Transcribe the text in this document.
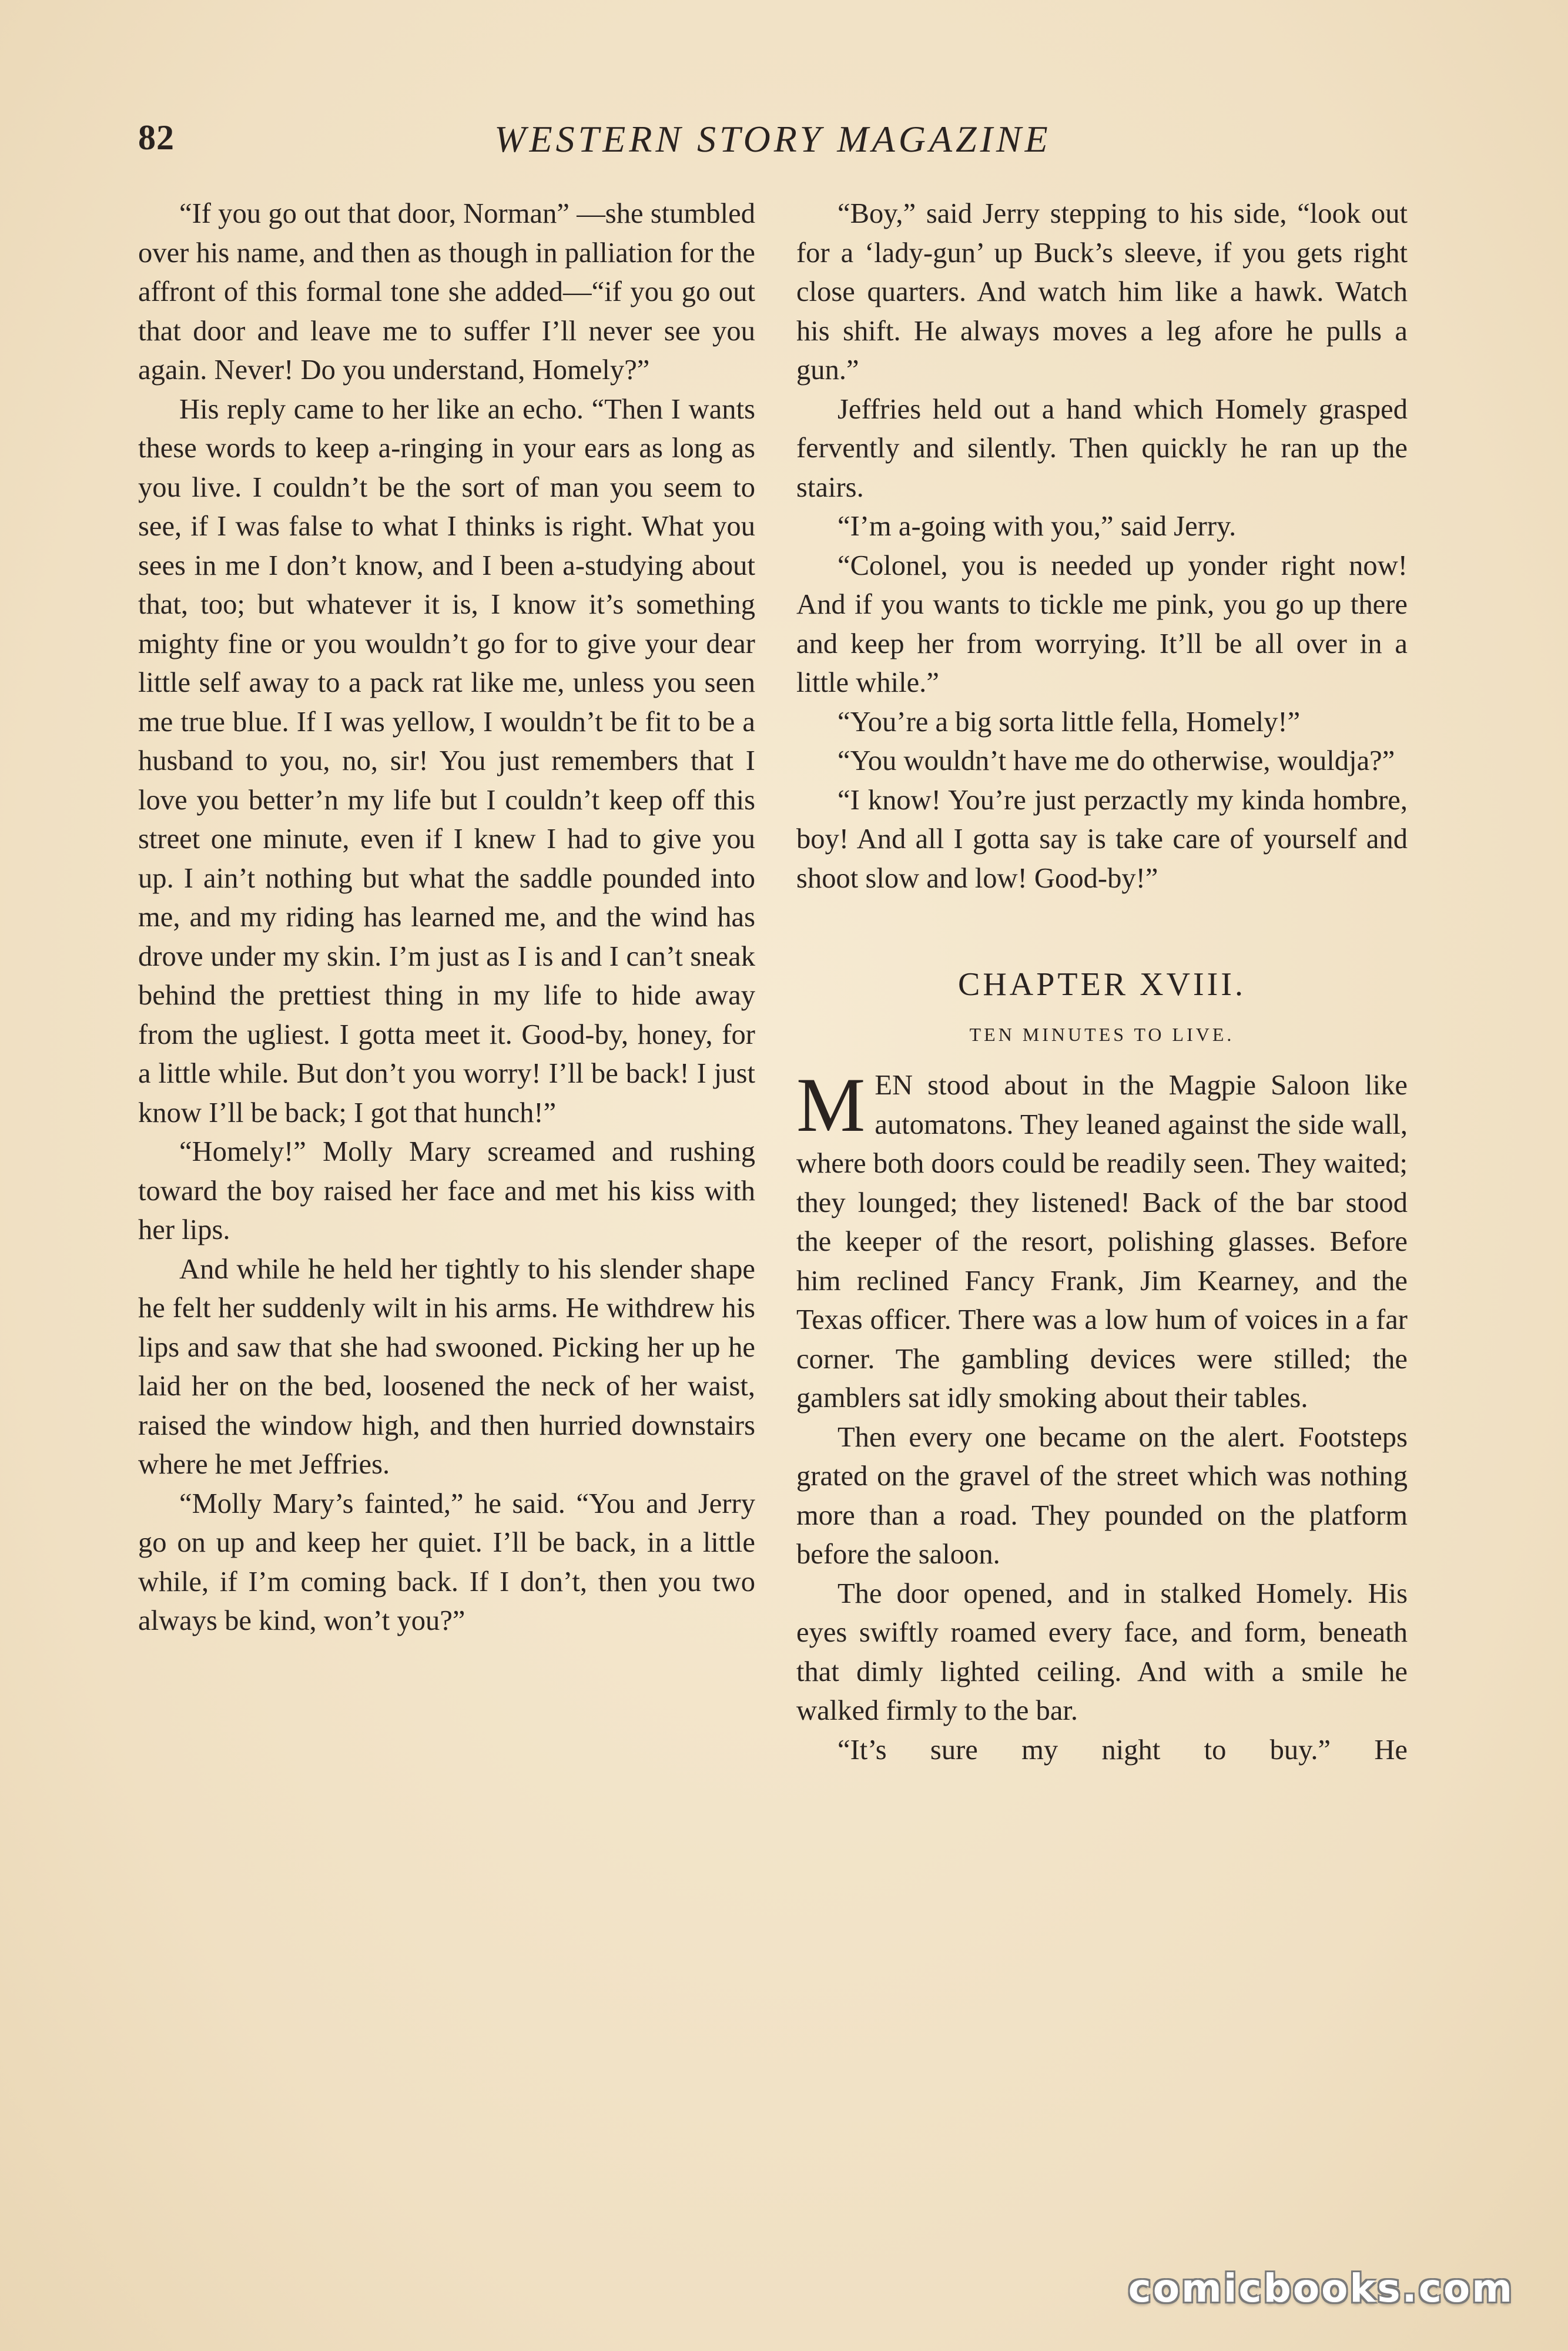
82	WESTERN STORY MAGAZINE

“If you go out that door, Norman” —she stumbled over his name, and then as though in palliation for the affront of this formal tone she added—“if you go out that door and leave me to suffer I’ll never see you again. Never! Do you understand, Homely?”

His reply came to her like an echo. “Then I wants these words to keep a-ringing in your ears as long as you live. I couldn’t be the sort of man you seem to see, if I was false to what I thinks is right. What you sees in me I don’t know, and I been a-studying about that, too; but whatever it is, I know it’s something mighty fine or you wouldn’t go for to give your dear little self away to a pack rat like me, unless you seen me true blue. If I was yellow, I wouldn’t be fit to be a husband to you, no, sir! You just remembers that I love you better’n my life but I couldn’t keep off this street one minute, even if I knew I had to give you up. I ain’t nothing but what the saddle pounded into me, and my riding has learned me, and the wind has drove under my skin. I’m just as I is and I can’t sneak behind the prettiest thing in my life to hide away from the ugliest. I gotta meet it. Good-by, honey, for a little while. But don’t you worry! I’ll be back! I just know I’ll be back; I got that hunch!”

“Homely!” Molly Mary screamed and rushing toward the boy raised her face and met his kiss with her lips.

And while he held her tightly to his slender shape he felt her suddenly wilt in his arms. He withdrew his lips and saw that she had swooned. Picking her up he laid her on the bed, loosened the neck of her waist, raised the window high, and then hurried downstairs where he met Jeffries.

“Molly Mary’s fainted,” he said. “You and Jerry go on up and keep her quiet. I’ll be back, in a little while, if I’m coming back. If I don’t, then you two always be kind, won’t you?”

“Boy,” said Jerry stepping to his side, “look out for a ‘lady-gun’ up Buck’s sleeve, if you gets right close quarters. And watch him like a hawk. Watch his shift. He always moves a leg afore he pulls a gun.”

Jeffries held out a hand which Homely grasped fervently and silently. Then quickly he ran up the stairs.

“I’m a-going with you,” said Jerry.

“Colonel, you is needed up yonder right now! And if you wants to tickle me pink, you go up there and keep her from worrying. It’ll be all over in a little while.”

“You’re a big sorta little fella, Homely!”

“You wouldn’t have me do otherwise, wouldja?”

“I know! You’re just perzactly my kinda hombre, boy! And all I gotta say is take care of yourself and shoot slow and low! Good-by!”

CHAPTER XVIII.
TEN MINUTES TO LIVE.

MEN stood about in the Magpie Saloon like automatons. They leaned against the side wall, where both doors could be readily seen. They waited; they lounged; they listened! Back of the bar stood the keeper of the resort, polishing glasses. Before him reclined Fancy Frank, Jim Kearney, and the Texas officer. There was a low hum of voices in a far corner. The gambling devices were stilled; the gamblers sat idly smoking about their tables.

Then every one became on the alert. Footsteps grated on the gravel of the street which was nothing more than a road. They pounded on the platform before the saloon.

The door opened, and in stalked Homely. His eyes swiftly roamed every face, and form, beneath that dimly lighted ceiling. And with a smile he walked firmly to the bar.

“It’s sure my night to buy.” He

comicbooks.com
